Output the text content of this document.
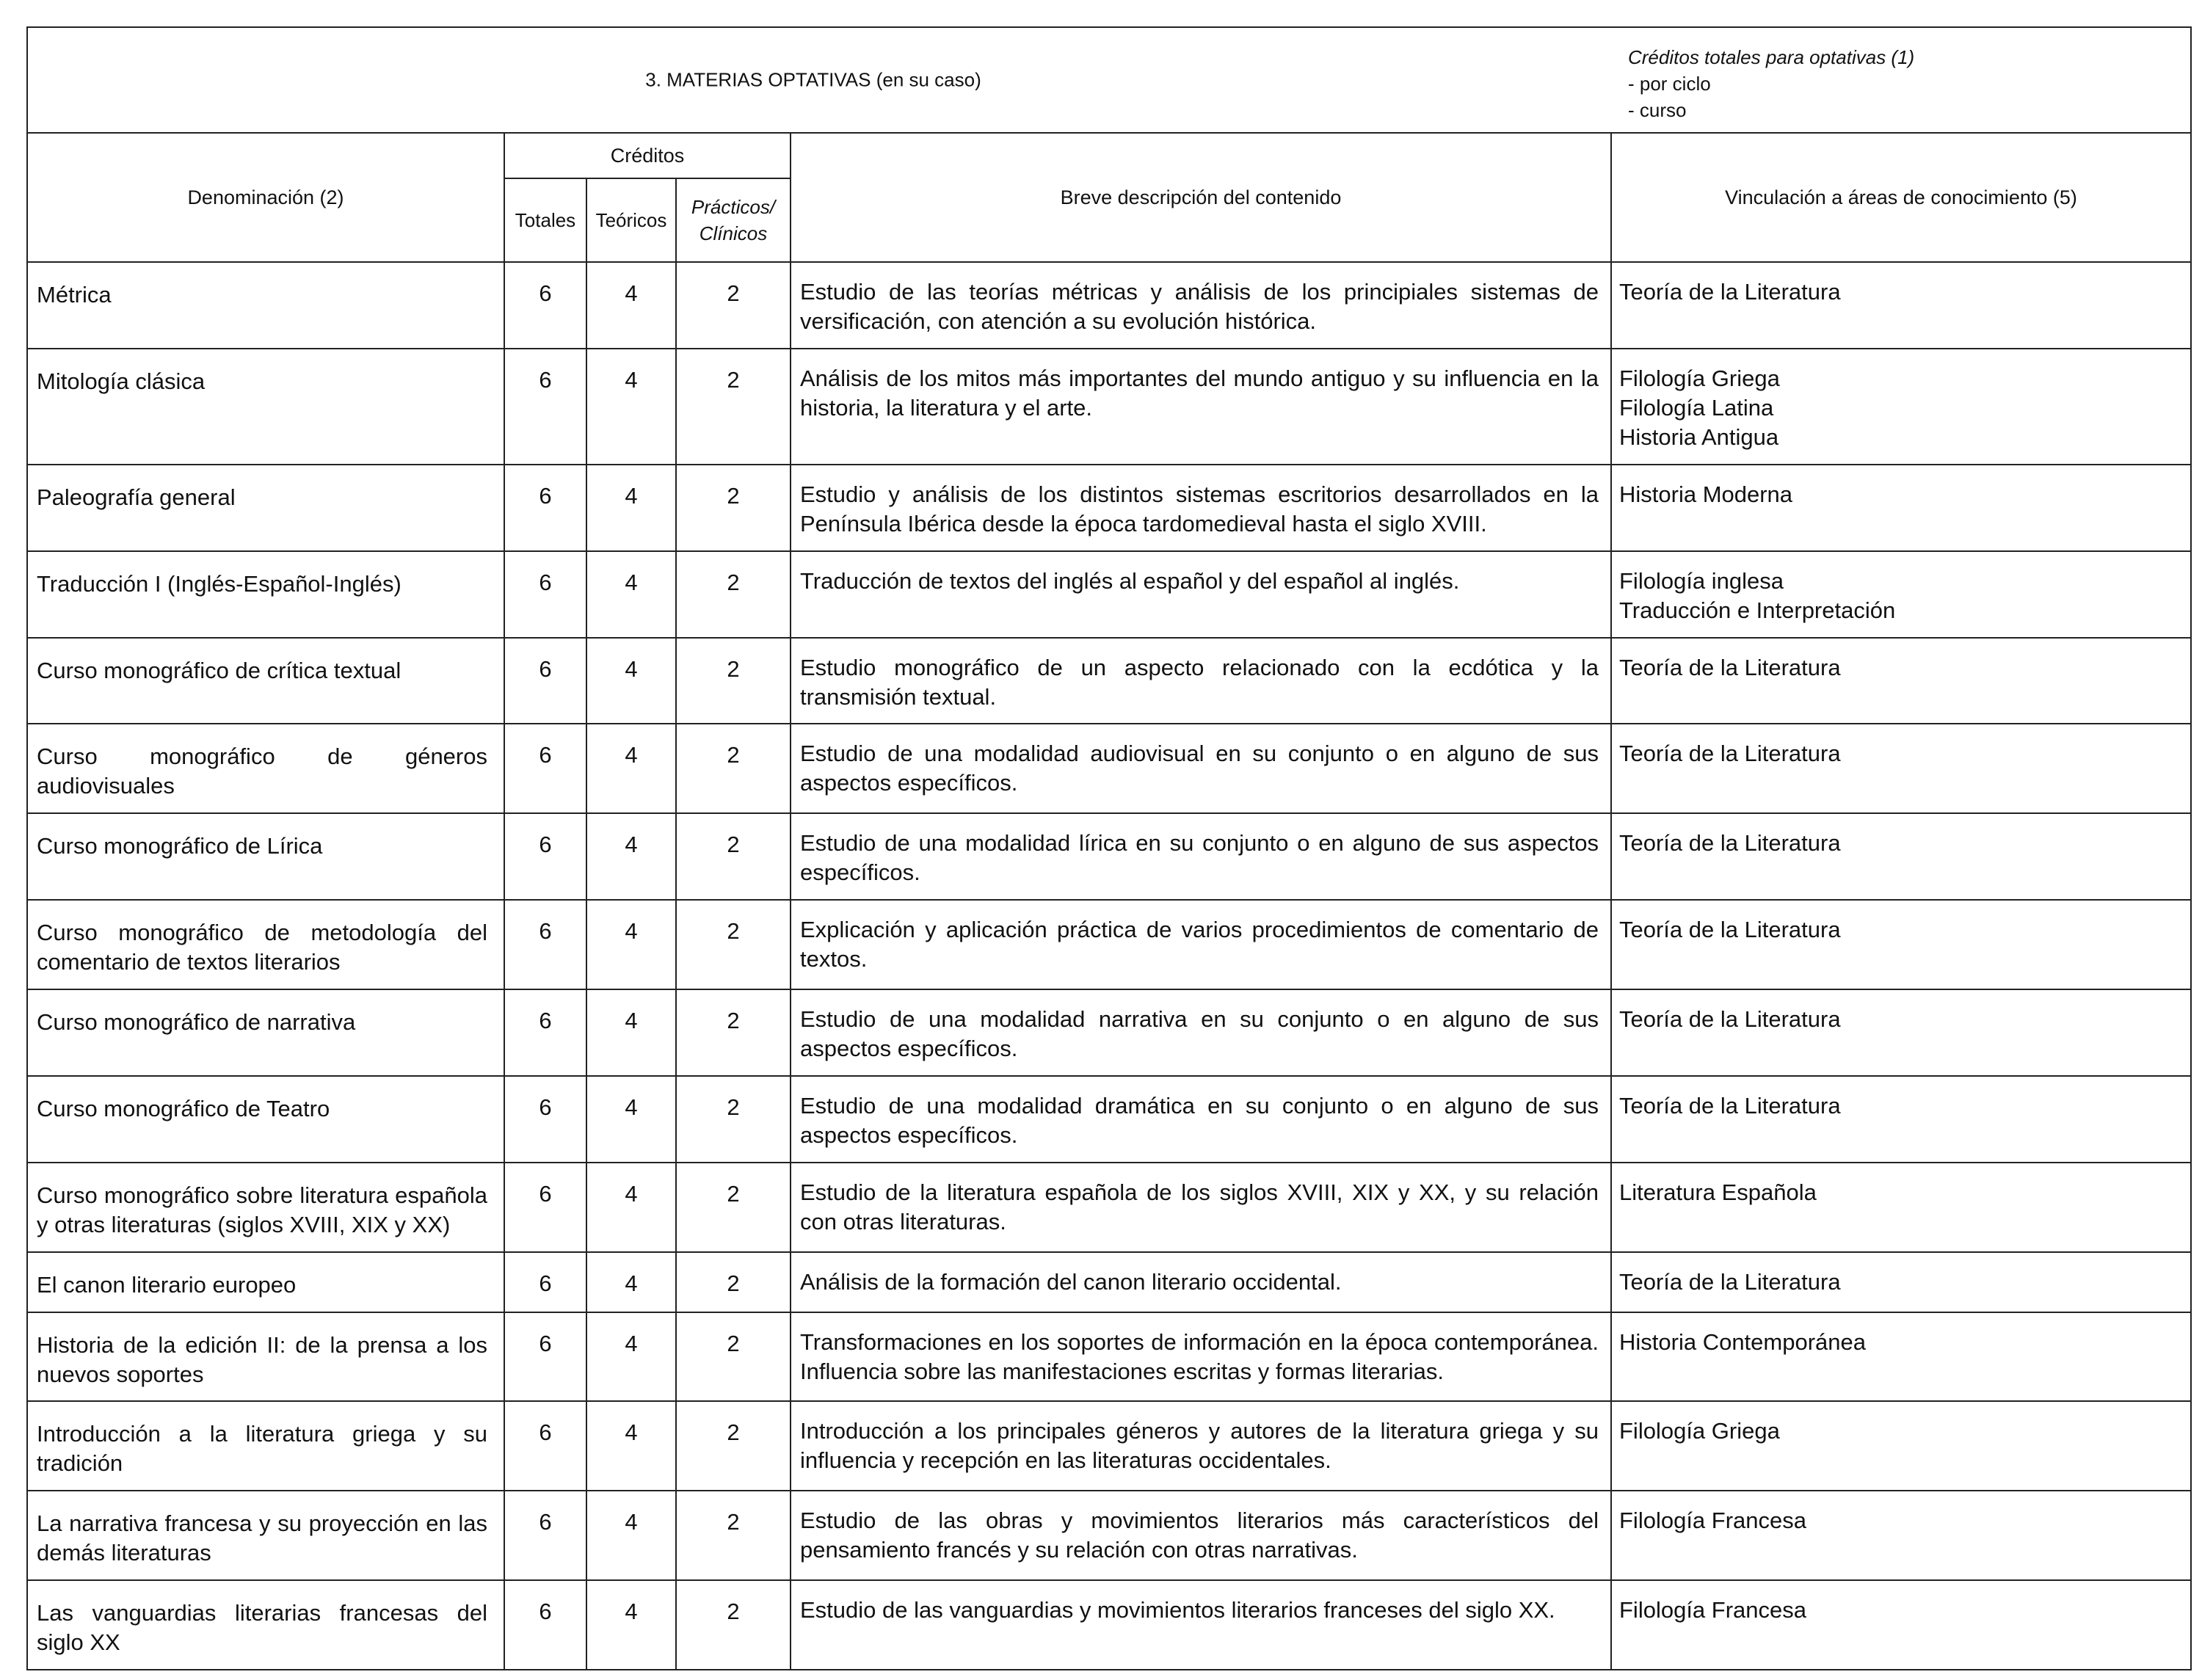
3. MATERIAS OPTATIVAS (en su caso)
Créditos totales para optativas (1)
- por ciclo
- curso					

Denominación (2)	Créditos			Breve descripción del contenido	Vinculación a áreas de conocimiento (5)
	Totales	Teóricos	Prácticos/ Clínicos		
Métrica	6	4	2	Estudio de las teorías métricas y análisis de los principiales sistemas de versificación, con atención a su evolución histórica.	Teoría de la Literatura

Mitología clásica	6	4	2	Análisis de los mitos más importantes del mundo antiguo y su influencia en la historia, la literatura y el arte.	Filología Griega
Filología Latina
Historia Antigua

Paleografía general	6	4	2	Estudio y análisis de los distintos sistemas escritorios desarrollados en la Península Ibérica desde la época tardomedieval hasta el siglo XVIII.	Historia Moderna

Traducción I (Inglés-Español-Inglés)	6	4	2	Traducción de textos del inglés al español y del español al inglés.	Filología inglesa
Traducción e Interpretación

Curso monográfico de crítica textual	6	4	2	Estudio monográfico de un aspecto relacionado con la ecdótica y la transmisión textual.	Teoría de la Literatura

Curso monográfico de géneros audiovisuales	6	4	2	Estudio de una modalidad audiovisual en su conjunto o en alguno de sus aspectos específicos.	Teoría de la Literatura

Curso monográfico de Lírica	6	4	2	Estudio de una modalidad lírica en su conjunto o en alguno de sus aspectos específicos.	Teoría de la Literatura

Curso monográfico de metodología del comentario de textos literarios	6	4	2	Explicación y aplicación práctica de varios procedimientos de comentario de textos.	Teoría de la Literatura

Curso monográfico de narrativa	6	4	2	Estudio de una modalidad narrativa en su conjunto o en alguno de sus aspectos específicos.	Teoría de la Literatura

Curso monográfico de Teatro	6	4	2	Estudio de una modalidad dramática en su conjunto o en alguno de sus aspectos específicos.	Teoría de la Literatura

Curso monográfico sobre literatura española y otras literaturas (siglos XVIII, XIX y XX)	6	4	2	Estudio de la literatura española de los siglos XVIII, XIX y XX, y su relación con otras literaturas.	Literatura Española

El canon literario europeo	6	4	2	Análisis de la formación del canon literario occidental.	Teoría de la Literatura

Historia de la edición II: de la prensa a los nuevos soportes	6	4	2	Transformaciones en los soportes de información en la época contemporánea. Influencia sobre las manifestaciones escritas y formas literarias.	Historia Contemporánea

Introducción a la literatura griega y su tradición	6	4	2	Introducción a los principales géneros y autores de la literatura griega y su influencia y recepción en las literaturas occidentales.	Filología Griega

La narrativa francesa y su proyección en las demás literaturas	6	4	2	Estudio de las obras y movimientos literarios más característicos del pensamiento francés y su relación con otras narrativas.	Filología Francesa

Las vanguardias literarias francesas del siglo XX	6	4	2	Estudio de las vanguardias y movimientos literarios franceses del siglo XX.	Filología Francesa
